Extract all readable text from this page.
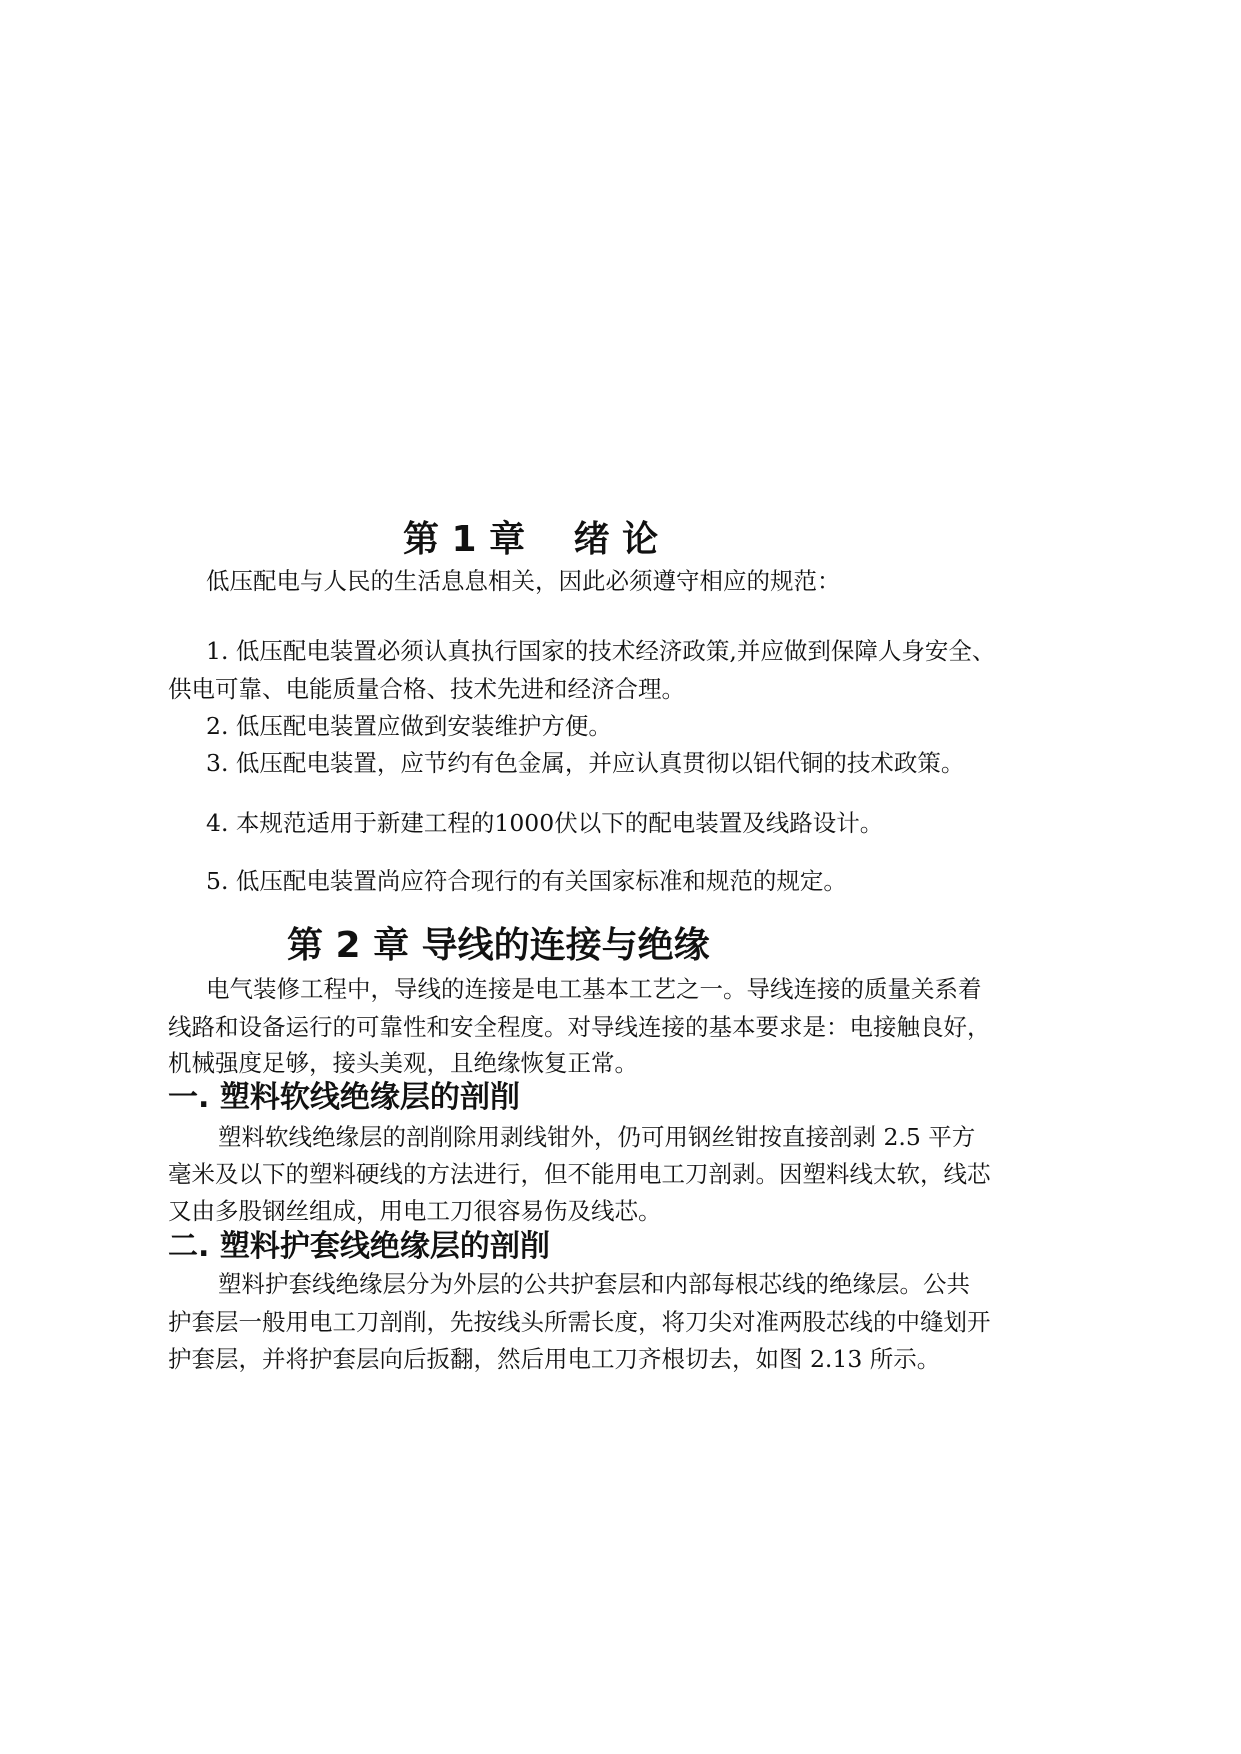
第 1 章　 绪 论
低压配电与人民的生活息息相关，因此必须遵守相应的规范：
1. 低压配电装置必须认真执行国家的技术经济政策,并应做到保障人身安全、
供电可靠、电能质量合格、技术先进和经济合理。
2. 低压配电装置应做到安装维护方便。
3. 低压配电装置，应节约有色金属，并应认真贯彻以铝代铜的技术政策。
4. 本规范适用于新建工程的1000伏以下的配电装置及线路设计。
5. 低压配电装置尚应符合现行的有关国家标准和规范的规定。
第 2 章 导线的连接与绝缘
电气装修工程中，导线的连接是电工基本工艺之一。导线连接的质量关系着
线路和设备运行的可靠性和安全程度。对导线连接的基本要求是：电接触良好，
机械强度足够，接头美观，且绝缘恢复正常。
一. 塑料软线绝缘层的剖削
塑料软线绝缘层的剖削除用剥线钳外，仍可用钢丝钳按直接剖剥 2.5 平方
毫米及以下的塑料硬线的方法进行，但不能用电工刀剖剥。因塑料线太软，线芯
又由多股钢丝组成，用电工刀很容易伤及线芯。
二. 塑料护套线绝缘层的剖削
塑料护套线绝缘层分为外层的公共护套层和内部每根芯线的绝缘层。公共
护套层一般用电工刀剖削，先按线头所需长度，将刀尖对准两股芯线的中缝划开
护套层，并将护套层向后扳翻，然后用电工刀齐根切去，如图 2.13 所示。
